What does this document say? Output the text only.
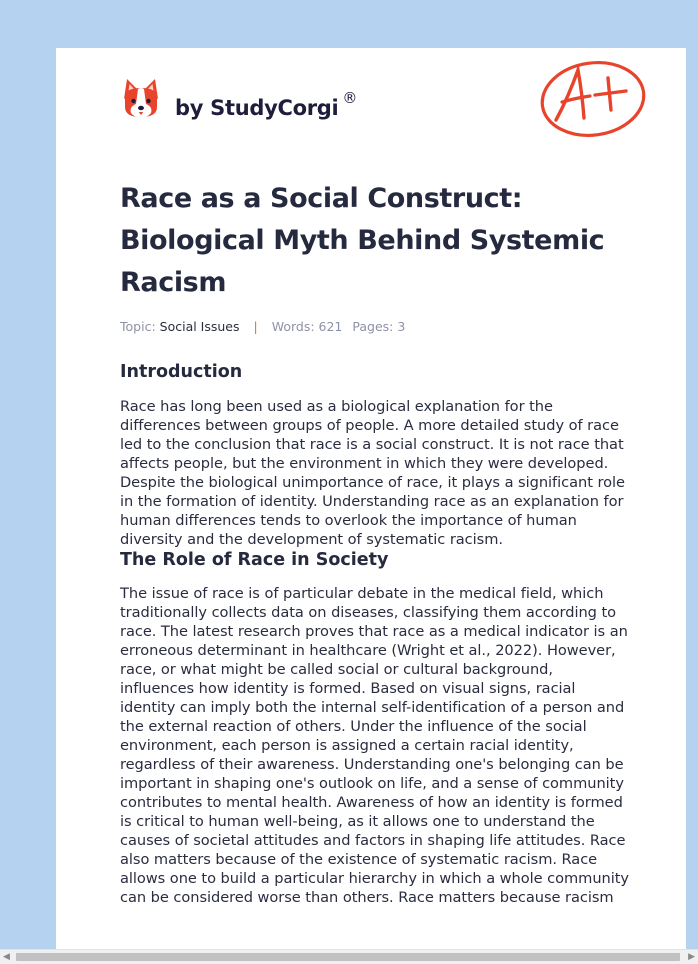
by StudyCorgi ®
Race as a Social Construct: Biological Myth Behind Systemic Racism
Topic: Social Issues | Words: 621 Pages: 3
Introduction

Race has long been used as a biological explanation for the differences between groups of people. A more detailed study of race led to the conclusion that race is a social construct. It is not race that affects people, but the environment in which they were developed. Despite the biological unimportance of race, it plays a significant role in the formation of identity. Understanding race as an explanation for human differences tends to overlook the importance of human diversity and the development of systematic racism.

The Role of Race in Society

The issue of race is of particular debate in the medical field, which traditionally collects data on diseases, classifying them according to race. The latest research proves that race as a medical indicator is an erroneous determinant in healthcare (Wright et al., 2022). However, race, or what might be called social or cultural background, influences how identity is formed. Based on visual signs, racial identity can imply both the internal self-identification of a person and the external reaction of others. Under the influence of the social environment, each person is assigned a certain racial identity, regardless of their awareness. Understanding one's belonging can be important in shaping one's outlook on life, and a sense of community contributes to mental health. Awareness of how an identity is formed is critical to human well-being, as it allows one to understand the causes of societal attitudes and factors in shaping life attitudes. Race also matters because of the existence of systematic racism. Race allows one to build a particular hierarchy in which a whole community can be considered worse than others. Race matters because racism

◀	▶
